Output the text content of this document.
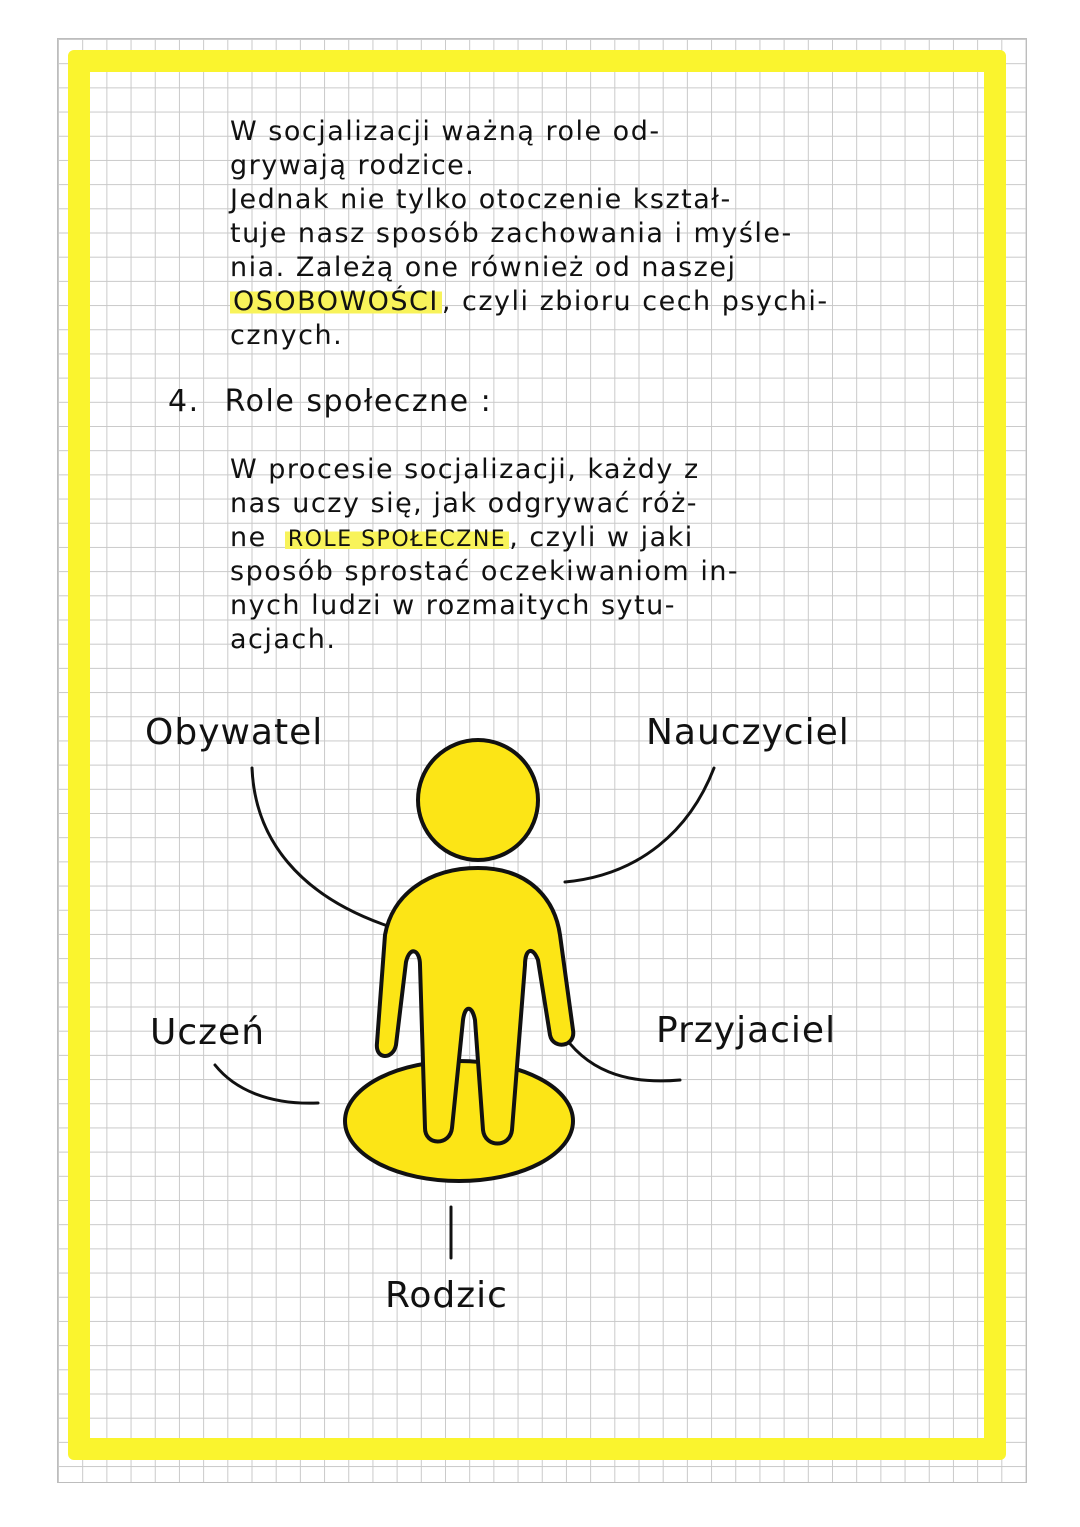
W socjalizacji ważną role od-
grywają rodzice.
Jednak nie tylko otoczenie kształ-
tuje nasz sposób zachowania i myśle-
nia. Zależą one również od naszej
OSOBOWOŚCI , czyli zbioru cech psychi-
cznych.
4. Role społeczne :
W procesie socjalizacji, każdy z
nas uczy się, jak odgrywać róż-
ne ROLE SPOŁECZNE , czyli w jaki
sposób sprostać oczekiwaniom in-
nych ludzi w rozmaitych sytu-
acjach.
Obywatel	Nauczyciel
Uczeń	Przyjaciel
Rodzic
